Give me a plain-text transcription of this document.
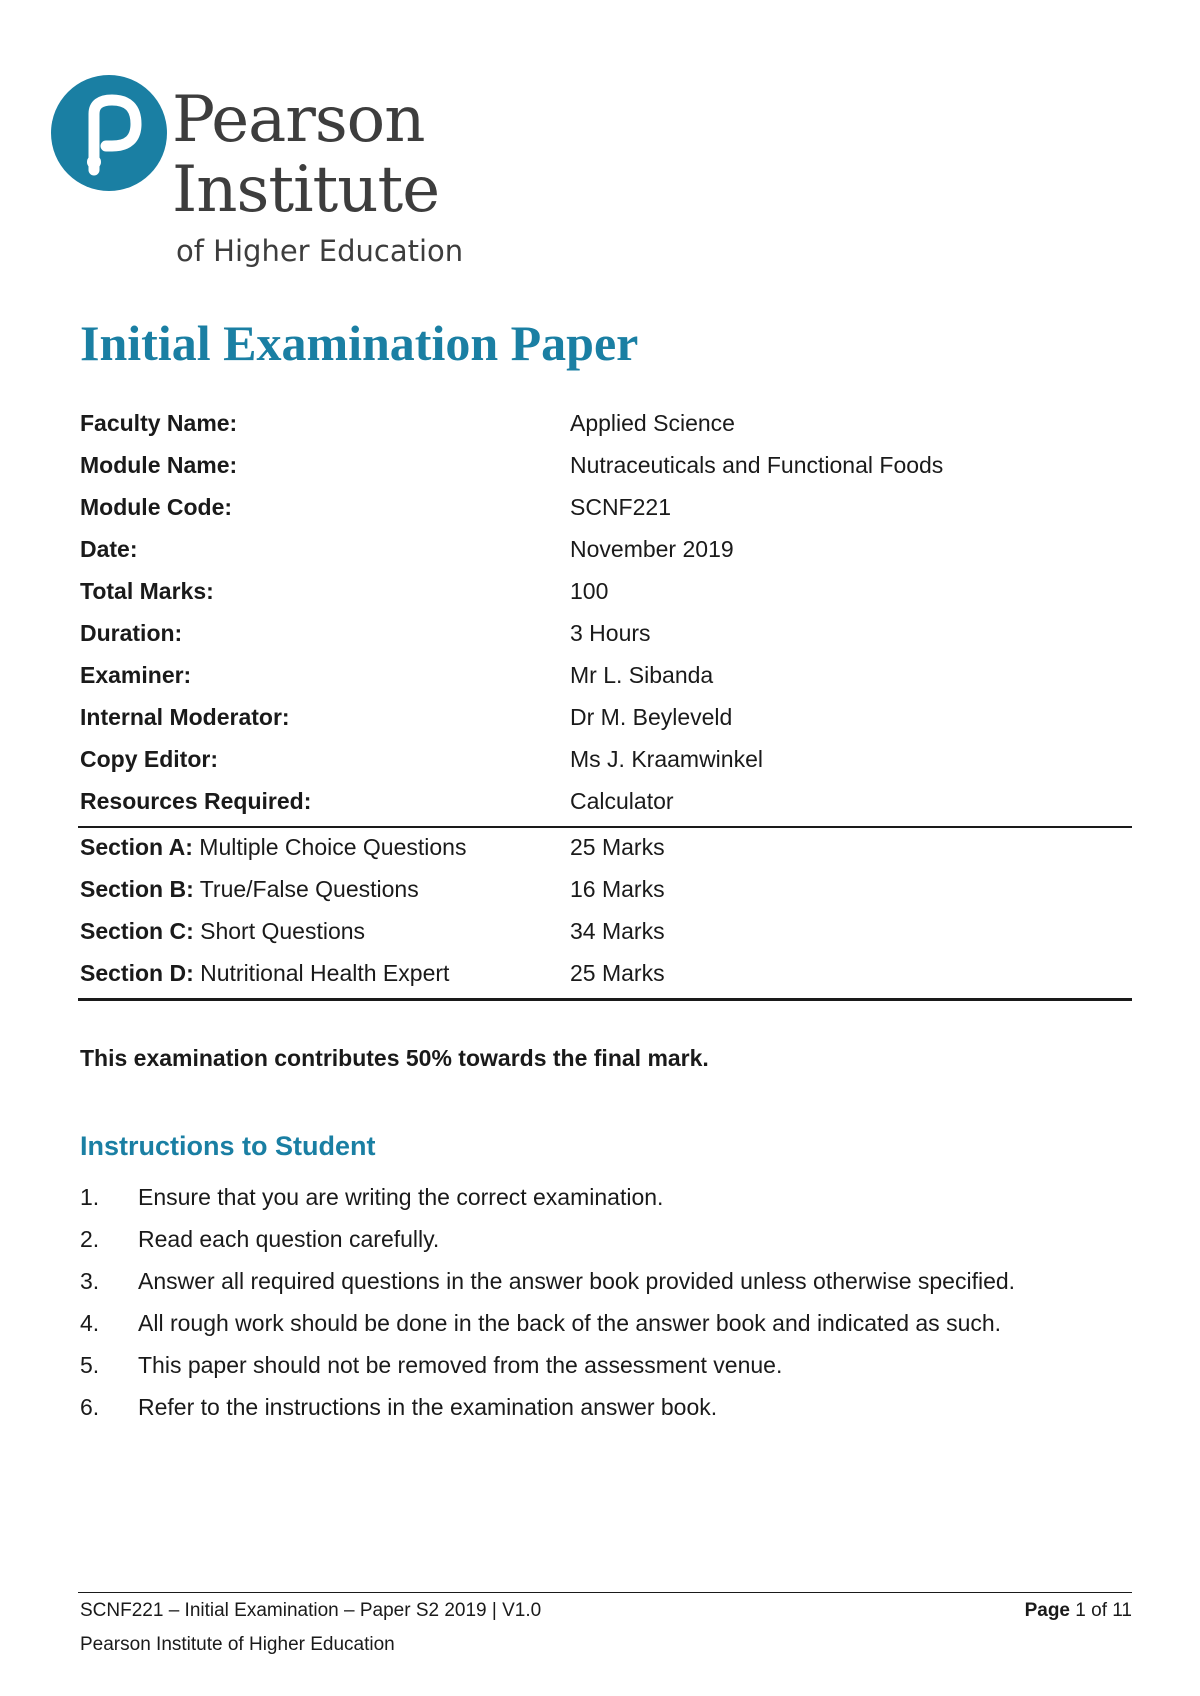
Pearson
Institute
of Higher Education
Initial Examination Paper
Faculty Name:	Applied Science
Module Name:	Nutraceuticals and Functional Foods
Module Code:	SCNF221
Date:	November 2019
Total Marks:	100
Duration:	3 Hours
Examiner:	Mr L. Sibanda
Internal Moderator:	Dr M. Beyleveld
Copy Editor:	Ms J. Kraamwinkel
Resources Required:	Calculator
Section A: Multiple Choice Questions	25 Marks
Section B: True/False Questions	16 Marks
Section C: Short Questions	34 Marks
Section D: Nutritional Health Expert	25 Marks
This examination contributes 50% towards the final mark.
Instructions to Student
1. Ensure that you are writing the correct examination.
2. Read each question carefully.
3. Answer all required questions in the answer book provided unless otherwise specified.
4. All rough work should be done in the back of the answer book and indicated as such.
5. This paper should not be removed from the assessment venue.
6. Refer to the instructions in the examination answer book.
SCNF221 – Initial Examination – Paper S2 2019 | V1.0	Page 1 of 11
Pearson Institute of Higher Education
